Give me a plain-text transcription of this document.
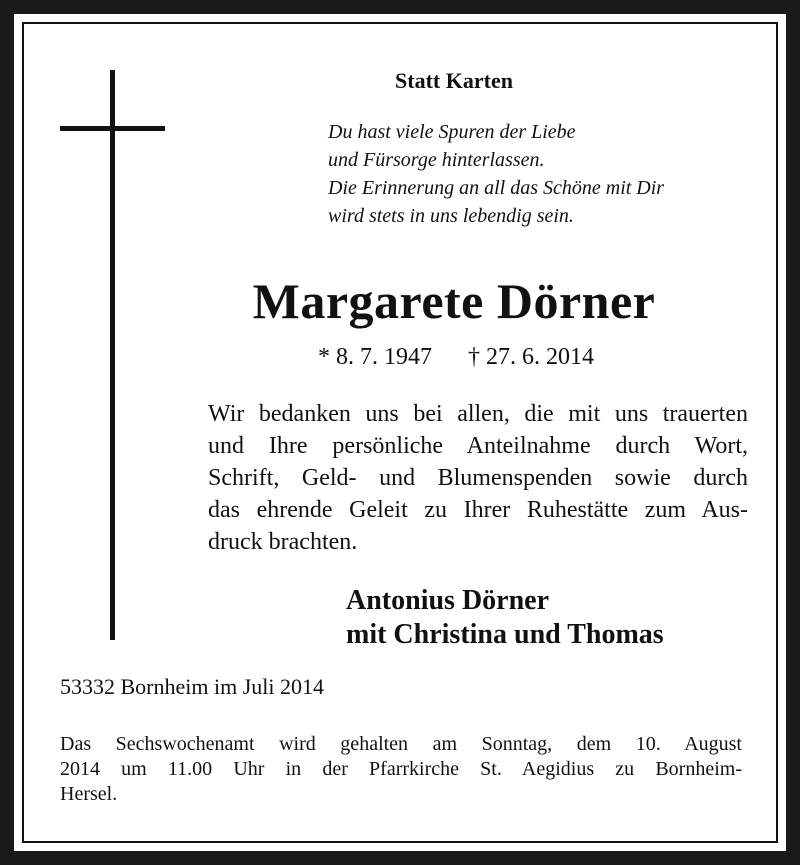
Statt Karten
Du hast viele Spuren der Liebe
und Fürsorge hinterlassen.
Die Erinnerung an all das Schöne mit Dir
wird stets in uns lebendig sein.
Margarete Dörner
* 8. 7. 1947 † 27. 6. 2014
Wir bedanken uns bei allen, die mit uns trauerten
und Ihre persönliche Anteilnahme durch Wort,
Schrift, Geld- und Blumenspenden sowie durch
das ehrende Geleit zu Ihrer Ruhestätte zum Aus-
druck brachten.
Antonius Dörner
mit Christina und Thomas
53332 Bornheim im Juli 2014
Das Sechswochenamt wird gehalten am Sonntag, dem 10. August
2014 um 11.00 Uhr in der Pfarrkirche St. Aegidius zu Bornheim-
Hersel.
